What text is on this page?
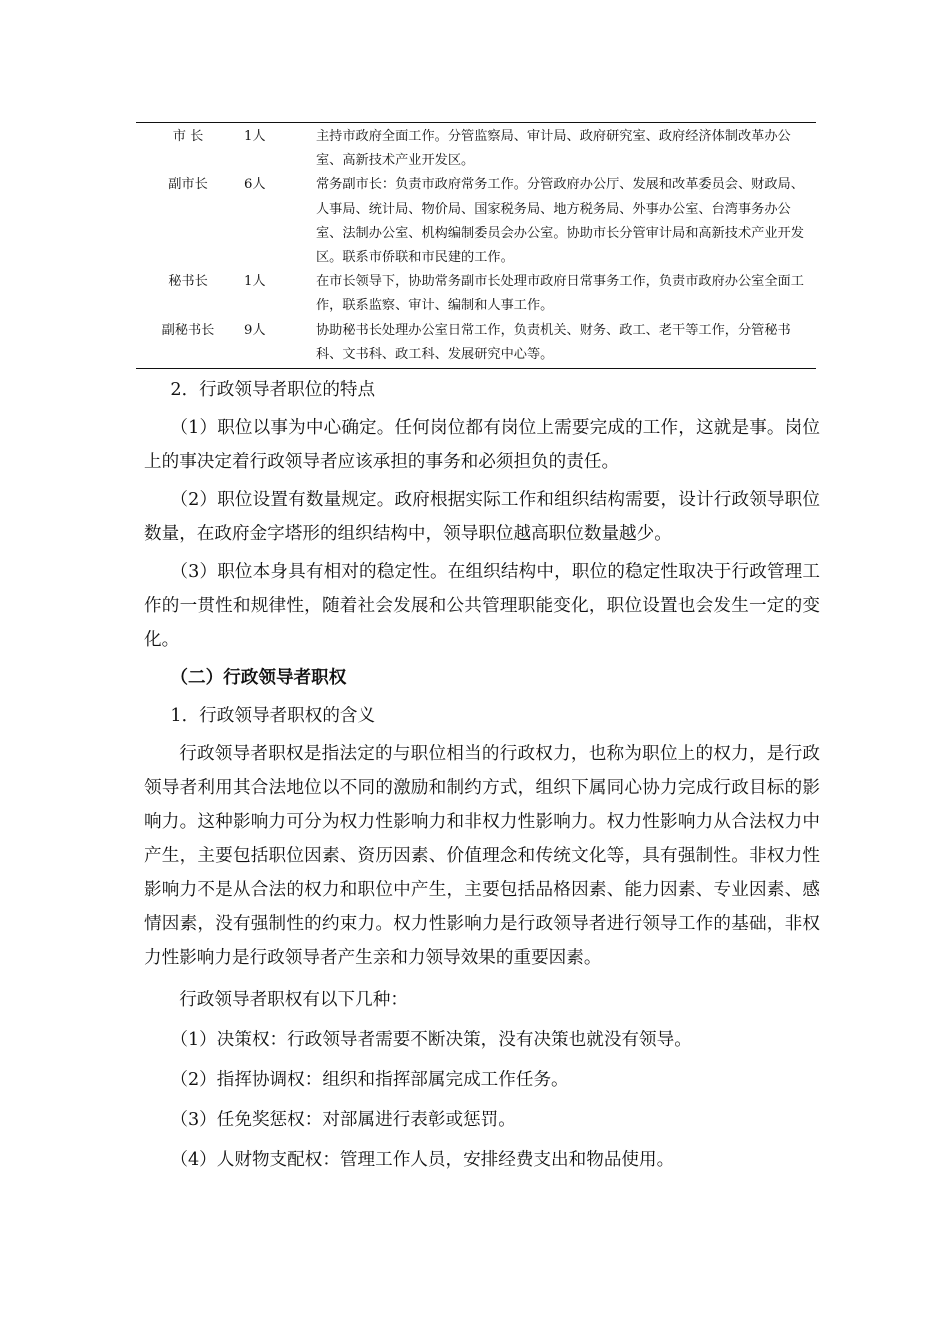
市 长	1人	主持市政府全面工作。分管监察局、审计局、政府研究室、政府经济体制改革办公室、高新技术产业开发区。
副市长	6人	常务副市长：负责市政府常务工作。分管政府办公厅、发展和改革委员会、财政局、人事局、统计局、物价局、国家税务局、地方税务局、外事办公室、台湾事务办公室、法制办公室、机构编制委员会办公室。协助市长分管审计局和高新技术产业开发区。联系市侨联和市民建的工作。
秘书长	1人	在市长领导下，协助常务副市长处理市政府日常事务工作，负责市政府办公室全面工作，联系监察、审计、编制和人事工作。
副秘书长	9人	协助秘书长处理办公室日常工作，负责机关、财务、政工、老干等工作，分管秘书科、文书科、政工科、发展研究中心等。

2．行政领导者职位的特点

（1）职位以事为中心确定。任何岗位都有岗位上需要完成的工作，这就是事。岗位上的事决定着行政领导者应该承担的事务和必须担负的责任。

（2）职位设置有数量规定。政府根据实际工作和组织结构需要，设计行政领导职位数量，在政府金字塔形的组织结构中，领导职位越高职位数量越少。

（3）职位本身具有相对的稳定性。在组织结构中，职位的稳定性取决于行政管理工作的一贯性和规律性，随着社会发展和公共管理职能变化，职位设置也会发生一定的变化。

（二）行政领导者职权

1．行政领导者职权的含义

行政领导者职权是指法定的与职位相当的行政权力，也称为职位上的权力，是行政领导者利用其合法地位以不同的激励和制约方式，组织下属同心协力完成行政目标的影响力。这种影响力可分为权力性影响力和非权力性影响力。权力性影响力从合法权力中产生，主要包括职位因素、资历因素、价值理念和传统文化等，具有强制性。非权力性影响力不是从合法的权力和职位中产生，主要包括品格因素、能力因素、专业因素、感情因素，没有强制性的约束力。权力性影响力是行政领导者进行领导工作的基础，非权力性影响力是行政领导者产生亲和力领导效果的重要因素。

行政领导者职权有以下几种：

（1）决策权：行政领导者需要不断决策，没有决策也就没有领导。

（2）指挥协调权：组织和指挥部属完成工作任务。

（3）任免奖惩权：对部属进行表彰或惩罚。

（4）人财物支配权：管理工作人员，安排经费支出和物品使用。
